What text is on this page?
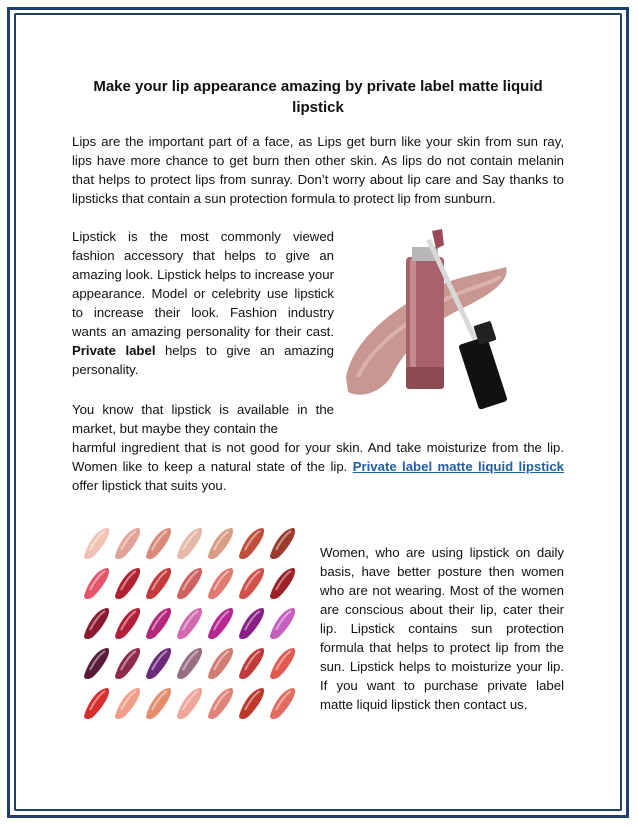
Make your lip appearance amazing by private label matte liquid lipstick
Lips are the important part of a face, as Lips get burn like your skin from sun ray, lips have more chance to get burn then other skin. As lips do not contain melanin that helps to protect lips from sunray. Don’t worry about lip care and Say thanks to lipsticks that contain a sun protection formula to protect lip from sunburn.
Lipstick is the most commonly viewed fashion accessory that helps to give an amazing look. Lipstick helps to increase your appearance. Model or celebrity use lipstick to increase their look. Fashion industry wants an amazing personality for their cast. Private label helps to give an amazing personality.
You know that lipstick is available in the market, but maybe they contain the
harmful ingredient that is not good for your skin. And take moisturize from the lip. Women like to keep a natural state of the lip. Private label matte liquid lipstick offer lipstick that suits you.
Women, who are using lipstick on daily basis, have better posture then women who are not wearing. Most of the women are conscious about their lip, cater their lip. Lipstick contains sun protection formula that helps to protect lip from the sun. Lipstick helps to moisturize your lip. If you want to purchase private label matte liquid lipstick then contact us.
